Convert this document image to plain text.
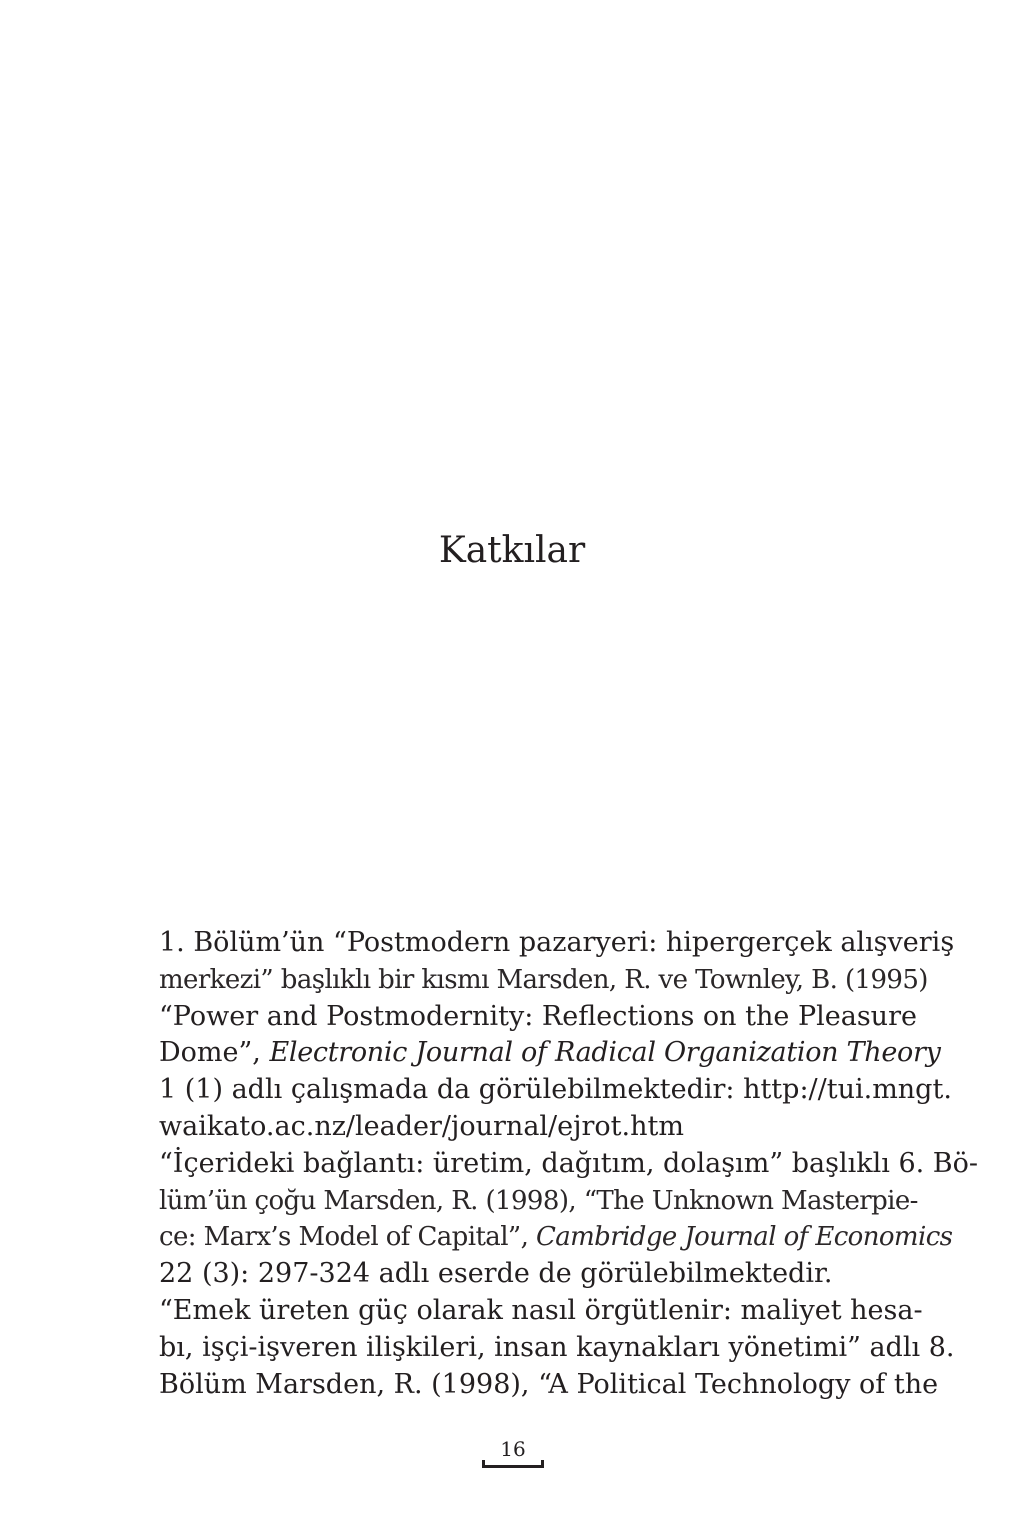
Katkılar
1. Bölüm’ün “Postmodern pazaryeri: hipergerçek alışveriş
merkezi” başlıklı bir kısmı Marsden, R. ve Townley, B. (1995)
“Power and Postmodernity: Reflections on the Pleasure
Dome”, Electronic Journal of Radical Organization Theory
1 (1) adlı çalışmada da görülebilmektedir: http://tui.mngt.
waikato.ac.nz/leader/journal/ejrot.htm
“İçerideki bağlantı: üretim, dağıtım, dolaşım” başlıklı 6. Bö-
lüm’ün çoğu Marsden, R. (1998), “The Unknown Masterpie-
ce: Marx’s Model of Capital”, Cambridge Journal of Economics
22 (3): 297-324 adlı eserde de görülebilmektedir.
“Emek üreten güç olarak nasıl örgütlenir: maliyet hesa-
bı, işçi-işveren ilişkileri, insan kaynakları yönetimi” adlı 8.
Bölüm Marsden, R. (1998), “A Political Technology of the
16
